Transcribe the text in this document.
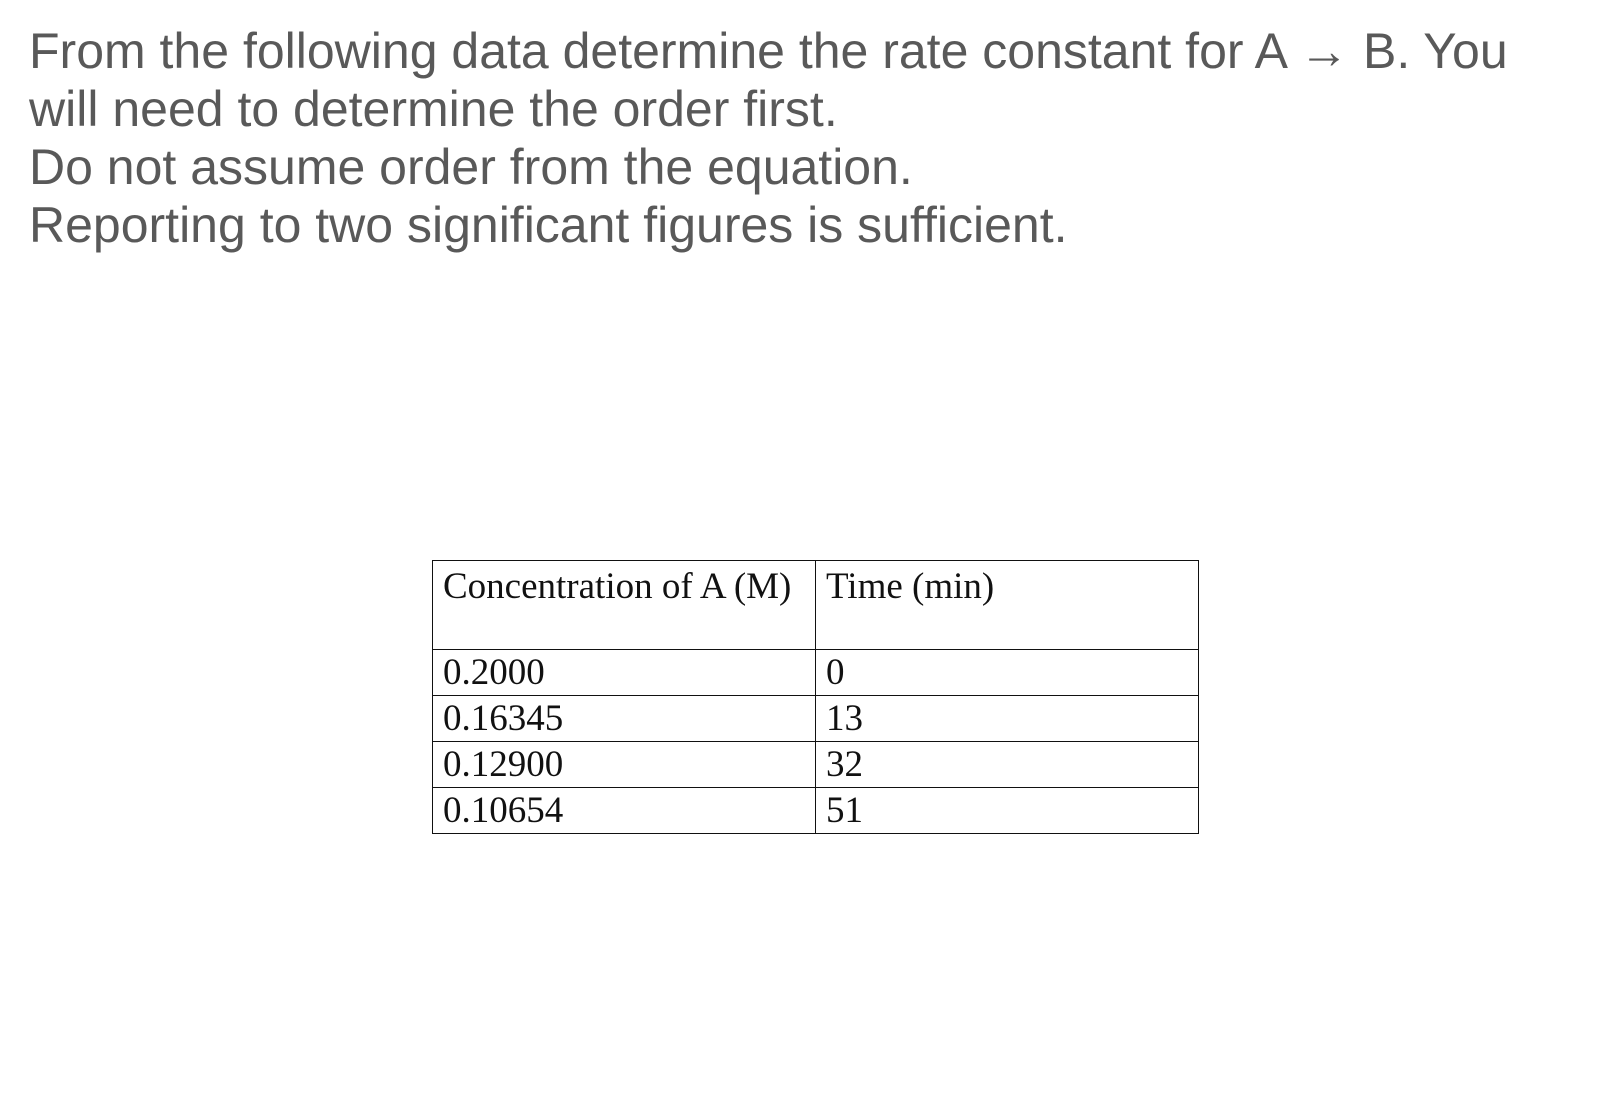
From the following data determine the rate constant for A → B. You
will need to determine the order first.
Do not assume order from the equation.
Reporting to two significant figures is sufficient.
Concentration of A (M)	Time (min)
0.2000	0
0.16345	13
0.12900	32
0.10654	51
